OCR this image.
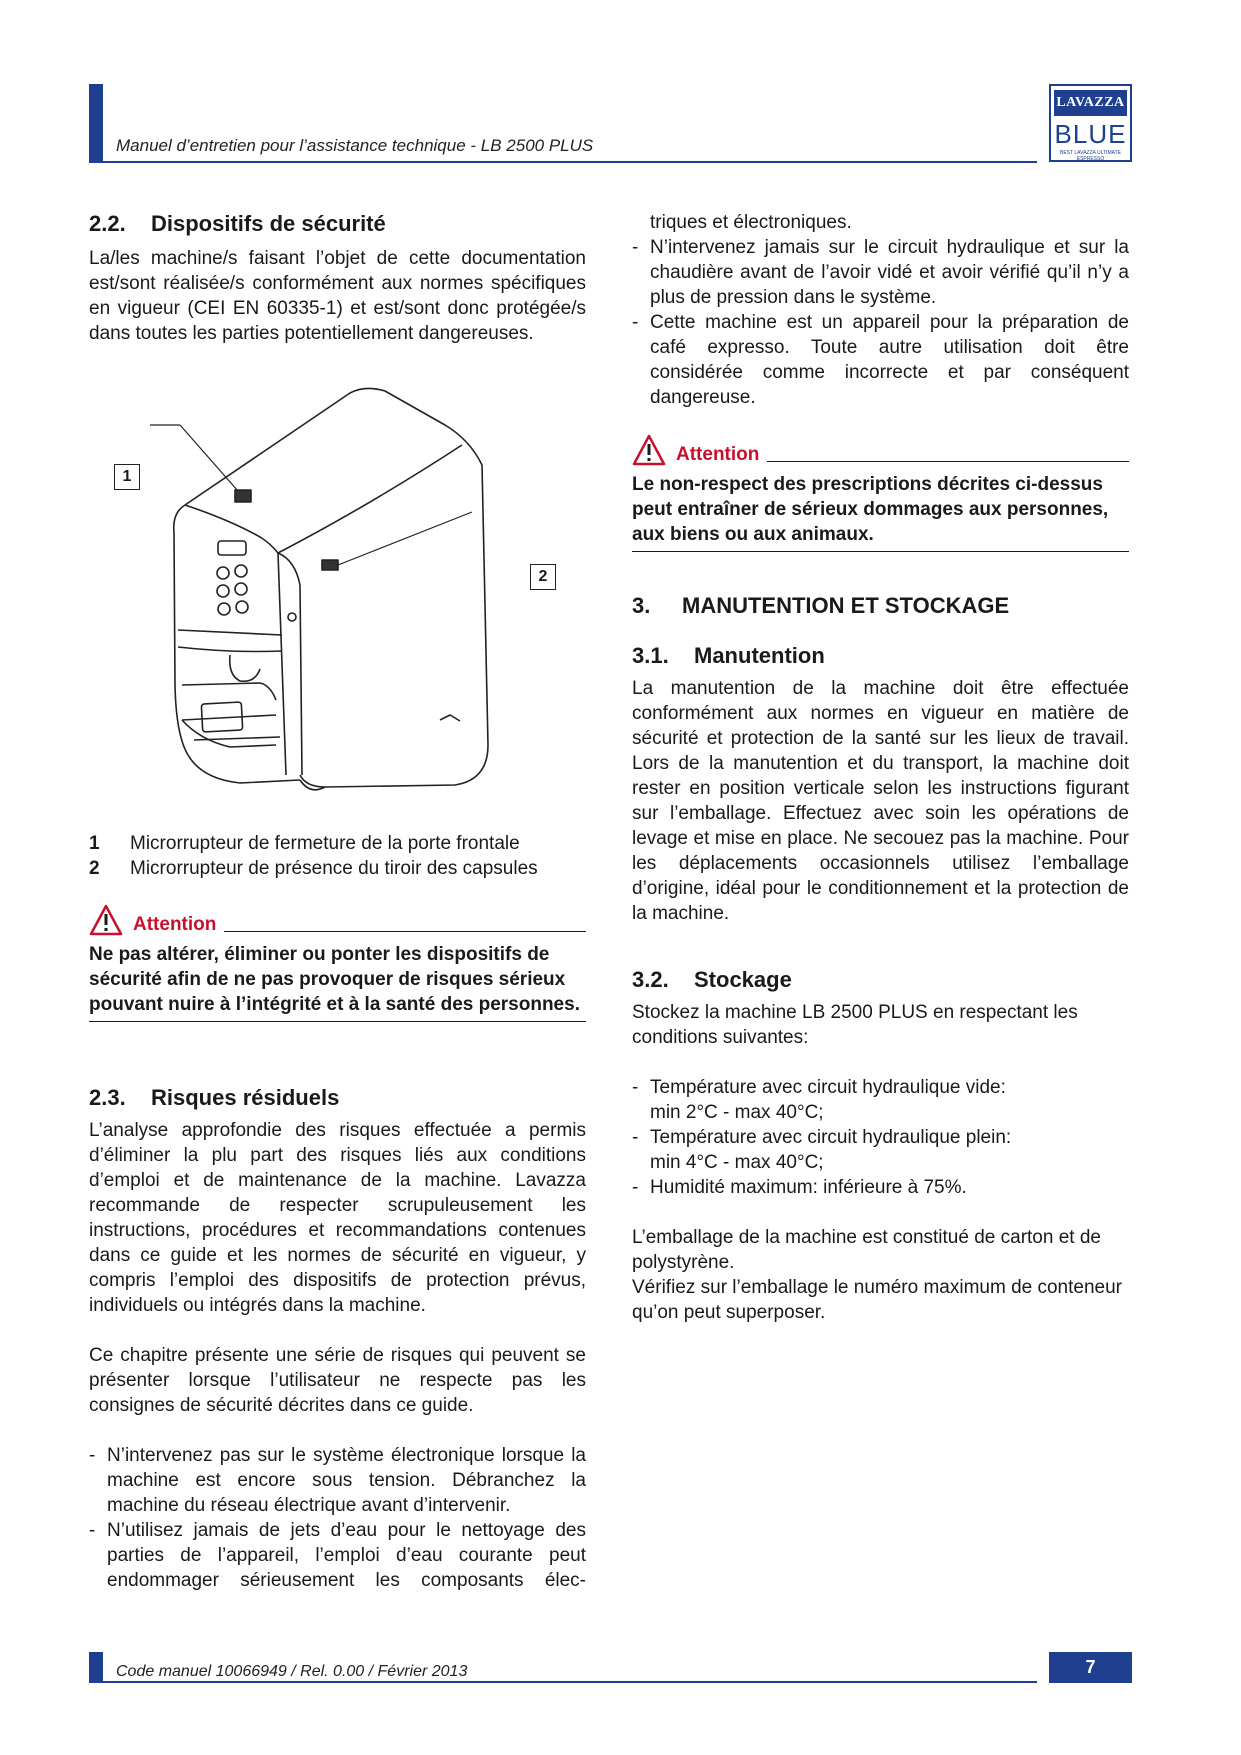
Manuel d’entretien pour l’assistance technique - LB 2500 PLUS
LAVAZZA
BLUE
BEST LAVAZZA ULTIMATE ESPRESSO
2.2. Dispositifs de sécurité

La/les machine/s faisant l’objet de cette documentation est/sont réalisée/s conformément aux normes spécifiques en vigueur (CEI EN 60335-1) et est/sont donc protégée/s dans toutes les parties potentiellement dangereuses.

1
2
1	Microrrupteur de fermeture de la porte frontale
2	Microrrupteur de présence du tiroir des capsules
Attention
Ne pas altérer, éliminer ou ponter les dispositifs de sécurité afin de ne pas provoquer de risques sérieux pouvant nuire à l’intégrité et à la santé des personnes.
2.3. Risques résiduels

L’analyse approfondie des risques effectuée a permis d’éliminer la plu part des risques liés aux conditions d’emploi et de maintenance de la machine. Lavazza recommande de respecter scrupuleusement les instructions, procédures et recommandations contenues dans ce guide et les normes de sécurité en vigueur, y compris l’emploi des dispositifs de protection prévus, individuels ou intégrés dans la machine.

Ce chapitre présente une série de risques qui peuvent se présenter lorsque l’utilisateur ne respecte pas les consignes de sécurité décrites dans ce guide.

- N’intervenez pas sur le système électronique lorsque la machine est encore sous tension. Débranchez la machine du réseau électrique avant d’intervenir.
- N’utilisez jamais de jets d’eau pour le nettoyage des parties de l’appareil, l’emploi d’eau courante peut endommager sérieusement les composants élec-
triques et électroniques.
- N’intervenez jamais sur le circuit hydraulique et sur la chaudière avant de l’avoir vidé et avoir vérifié qu’il n’y a plus de pression dans le système.
- Cette machine est un appareil pour la préparation de café expresso. Toute autre utilisation doit être considérée comme incorrecte et par conséquent dangereuse.
Attention
Le non-respect des prescriptions décrites ci-dessus peut entraîner de sérieux dommages aux personnes, aux biens ou aux animaux.
3. MANUTENTION ET STOCKAGE
3.1. Manutention

La manutention de la machine doit être effectuée conformément aux normes en vigueur en matière de sécurité et protection de la santé sur les lieux de travail. Lors de la manutention et du transport, la machine doit rester en position verticale selon les instructions figurant sur l’emballage. Effectuez avec soin les opérations de levage et mise en place. Ne secouez pas la machine. Pour les déplacements occasionnels utilisez l’emballage d’origine, idéal pour le conditionnement et la protection de la machine.

3.2. Stockage

Stockez la machine LB 2500 PLUS en respectant les conditions suivantes:

- Température avec circuit hydraulique vide:
min 2°C - max 40°C;
- Température avec circuit hydraulique plein:
min 4°C - max 40°C;
- Humidité maximum: inférieure à 75%.

L’emballage de la machine est constitué de carton et de polystyrène.

Vérifiez sur l’emballage le numéro maximum de conteneur qu’on peut superposer.

Code manuel 10066949 / Rel. 0.00 / Février 2013	7
